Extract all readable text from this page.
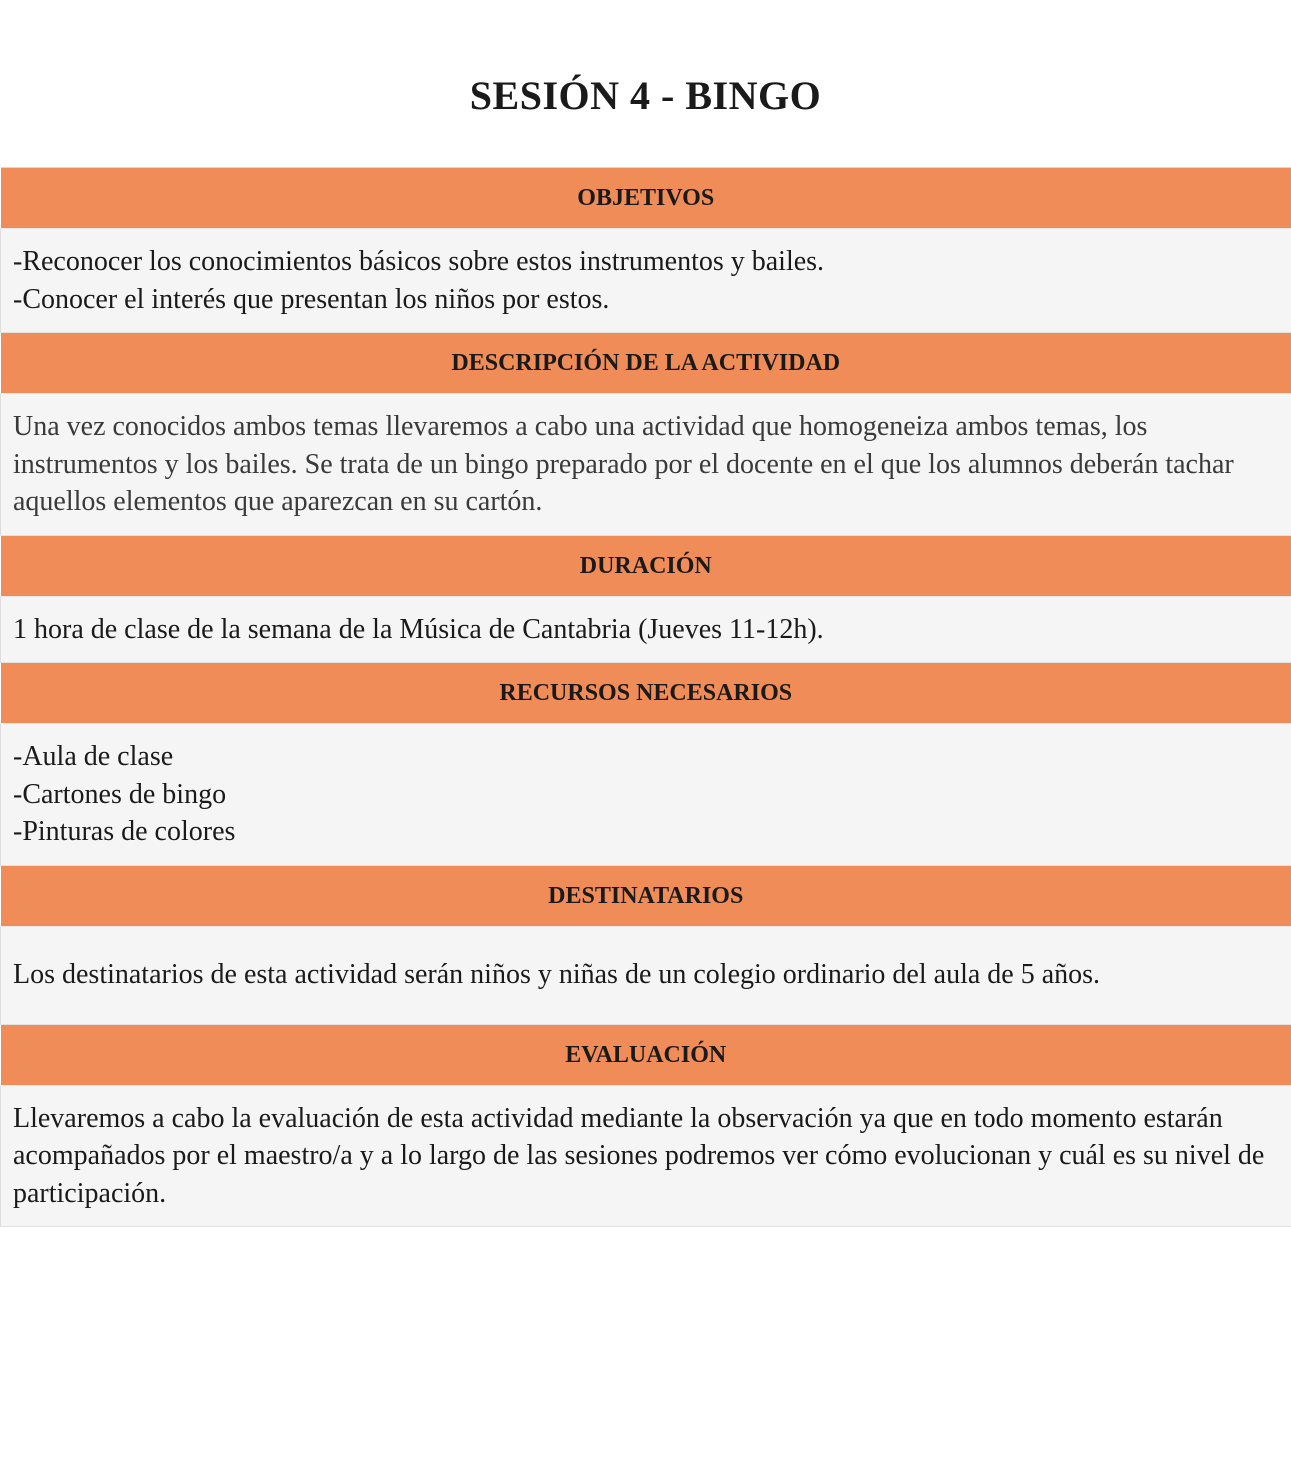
SESIÓN 4 - BINGO
OBJETIVOS

-Reconocer los conocimientos básicos sobre estos instrumentos y bailes.
-Conocer el interés que presentan los niños por estos.

DESCRIPCIÓN DE LA ACTIVIDAD

Una vez conocidos ambos temas llevaremos a cabo una actividad que homogeneiza ambos temas, los instrumentos y los bailes. Se trata de un bingo preparado por el docente en el que los alumnos deberán tachar aquellos elementos que aparezcan en su cartón.

DURACIÓN

1 hora de clase de la semana de la Música de Cantabria (Jueves 11-12h).

RECURSOS NECESARIOS

-Aula de clase
-Cartones de bingo
-Pinturas de colores

DESTINATARIOS

Los destinatarios de esta actividad serán niños y niñas de un colegio ordinario del aula de 5 años.

EVALUACIÓN

Llevaremos a cabo la evaluación de esta actividad mediante la observación ya que en todo momento estarán acompañados por el maestro/a y a lo largo de las sesiones podremos ver cómo evolucionan y cuál es su nivel de participación.
